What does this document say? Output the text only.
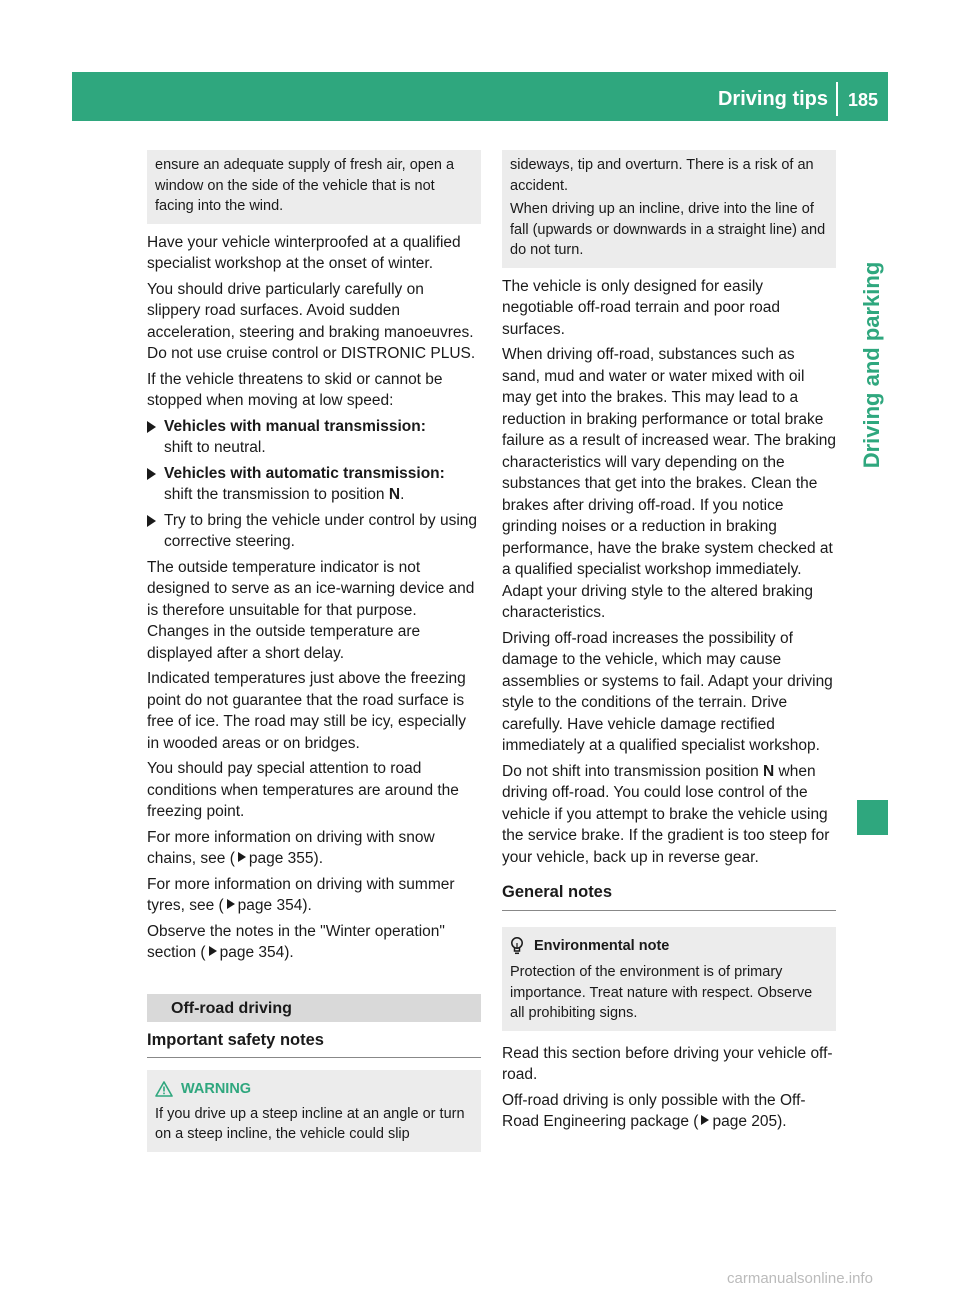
Driving tips 185
Driving and parking
ensure an adequate supply of fresh air, open a window on the side of the vehicle that is not facing into the wind.
Have your vehicle winterproofed at a qualified specialist workshop at the onset of winter.
You should drive particularly carefully on slippery road surfaces. Avoid sudden acceleration, steering and braking manoeuvres. Do not use cruise control or DISTRONIC PLUS.
If the vehicle threatens to skid or cannot be stopped when moving at low speed:
Vehicles with manual transmission:
shift to neutral.
Vehicles with automatic transmission:
shift the transmission to position N.
Try to bring the vehicle under control by using corrective steering.
The outside temperature indicator is not designed to serve as an ice-warning device and is therefore unsuitable for that purpose. Changes in the outside temperature are displayed after a short delay.
Indicated temperatures just above the freezing point do not guarantee that the road surface is free of ice. The road may still be icy, especially in wooded areas or on bridges.
You should pay special attention to road conditions when temperatures are around the freezing point.
For more information on driving with snow chains, see ( page 355).
For more information on driving with summer tyres, see ( page 354).
Observe the notes in the "Winter operation" section ( page 354).
Off-road driving
Important safety notes
WARNING
If you drive up a steep incline at an angle or turn on a steep incline, the vehicle could slip
sideways, tip and overturn. There is a risk of an accident.
When driving up an incline, drive into the line of fall (upwards or downwards in a straight line) and do not turn.
The vehicle is only designed for easily negotiable off-road terrain and poor road surfaces.
When driving off-road, substances such as sand, mud and water or water mixed with oil may get into the brakes. This may lead to a reduction in braking performance or total brake failure as a result of increased wear. The braking characteristics will vary depending on the substances that get into the brakes. Clean the brakes after driving off-road. If you notice grinding noises or a reduction in braking performance, have the brake system checked at a qualified specialist workshop immediately. Adapt your driving style to the altered braking characteristics.
Driving off-road increases the possibility of damage to the vehicle, which may cause assemblies or systems to fail. Adapt your driving style to the conditions of the terrain. Drive carefully. Have vehicle damage rectified immediately at a qualified specialist workshop.
Do not shift into transmission position N when driving off-road. You could lose control of the vehicle if you attempt to brake the vehicle using the service brake. If the gradient is too steep for your vehicle, back up in reverse gear.
General notes
Environmental note
Protection of the environment is of primary importance. Treat nature with respect. Observe all prohibiting signs.
Read this section before driving your vehicle off-road.
Off-road driving is only possible with the Off-Road Engineering package ( page 205).
carmanualsonline.info
